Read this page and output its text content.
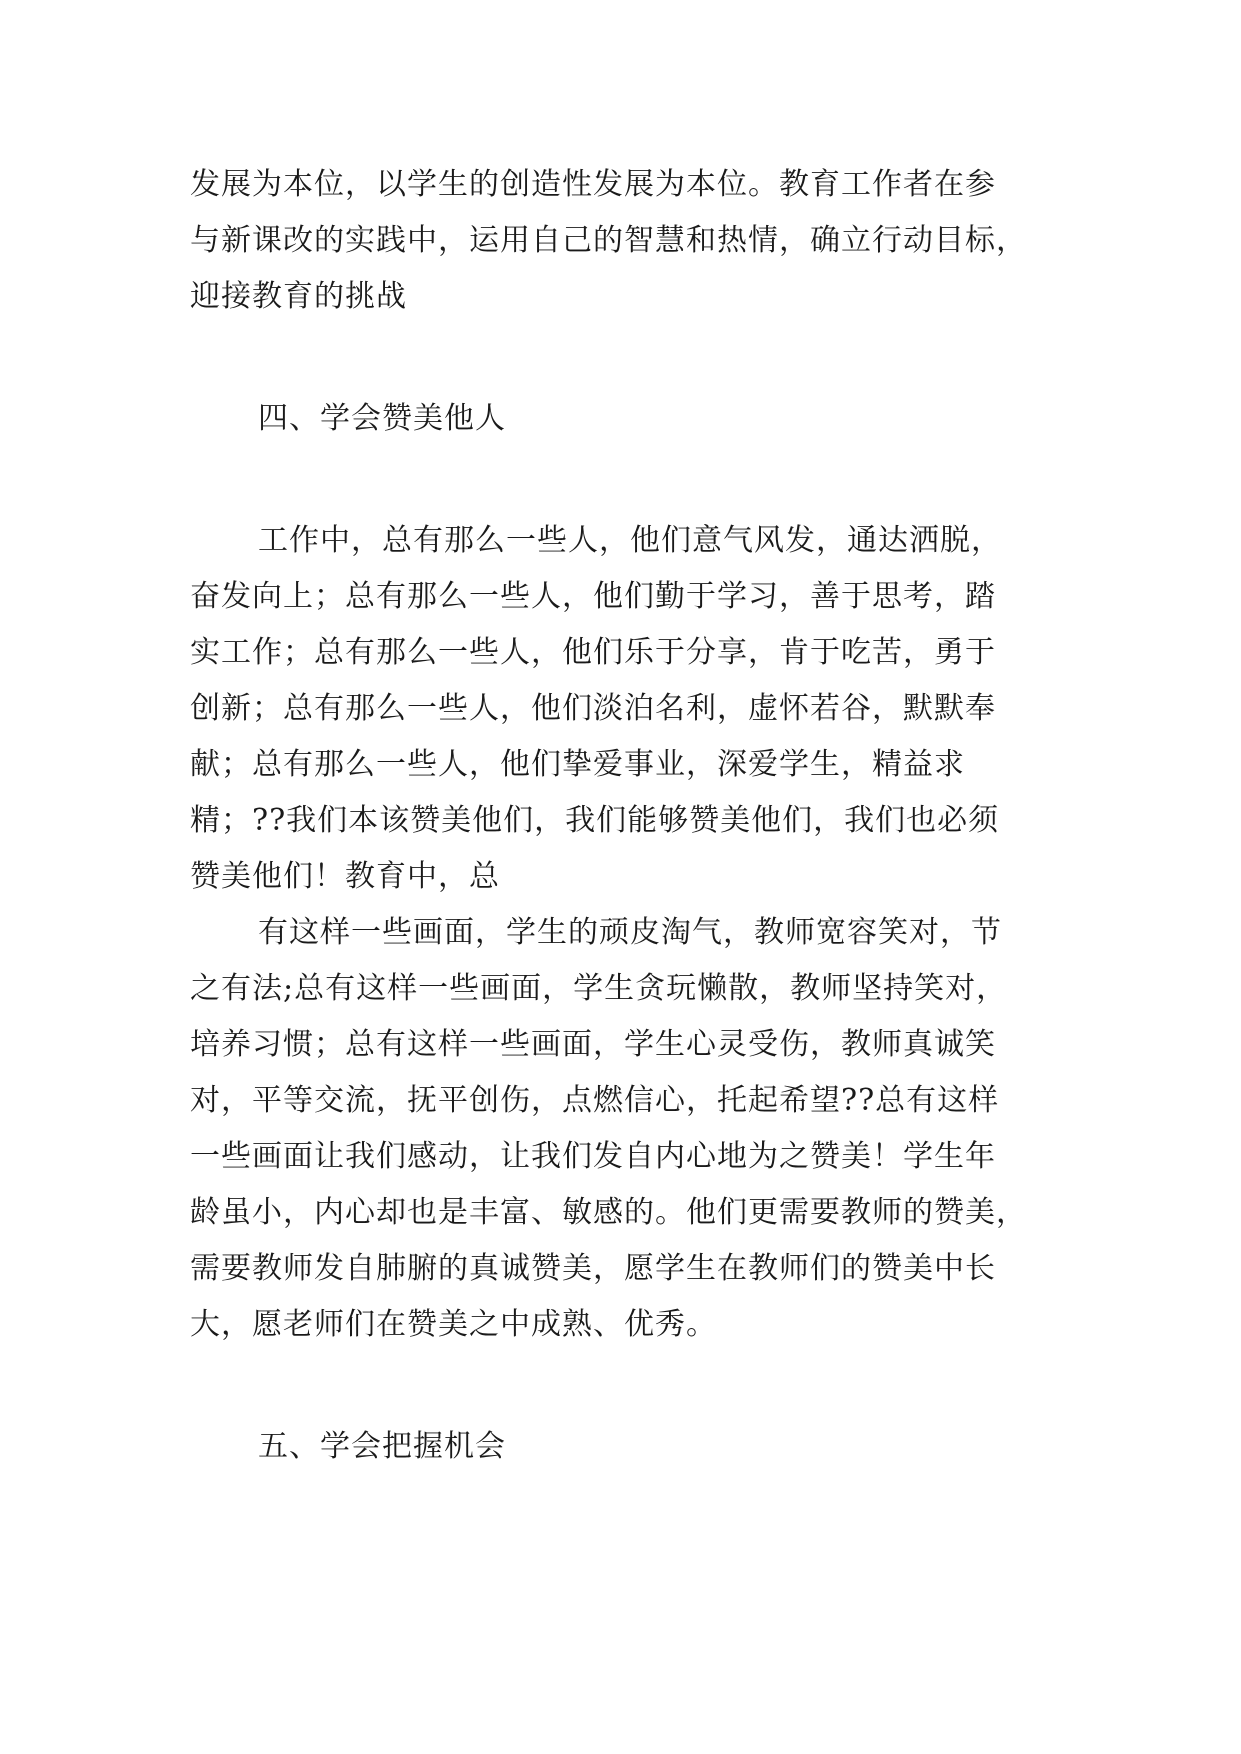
发展为本位，以学生的创造性发展为本位。教育工作者在参
与新课改的实践中，运用自己的智慧和热情，确立行动目标，
迎接教育的挑战
四、学会赞美他人
工作中，总有那么一些人，他们意气风发，通达洒脱，
奋发向上；总有那么一些人，他们勤于学习，善于思考，踏
实工作；总有那么一些人，他们乐于分享，肯于吃苦，勇于
创新；总有那么一些人，他们淡泊名利，虚怀若谷，默默奉
献；总有那么一些人，他们挚爱事业，深爱学生，精益求
精；??我们本该赞美他们，我们能够赞美他们，我们也必须
赞美他们！教育中，总
有这样一些画面，学生的顽皮淘气，教师宽容笑对，节
之有法;总有这样一些画面，学生贪玩懒散，教师坚持笑对，
培养习惯；总有这样一些画面，学生心灵受伤，教师真诚笑
对，平等交流，抚平创伤，点燃信心，托起希望??总有这样
一些画面让我们感动，让我们发自内心地为之赞美！学生年
龄虽小，内心却也是丰富、敏感的。他们更需要教师的赞美，
需要教师发自肺腑的真诚赞美，愿学生在教师们的赞美中长
大，愿老师们在赞美之中成熟、优秀。
五、学会把握机会
